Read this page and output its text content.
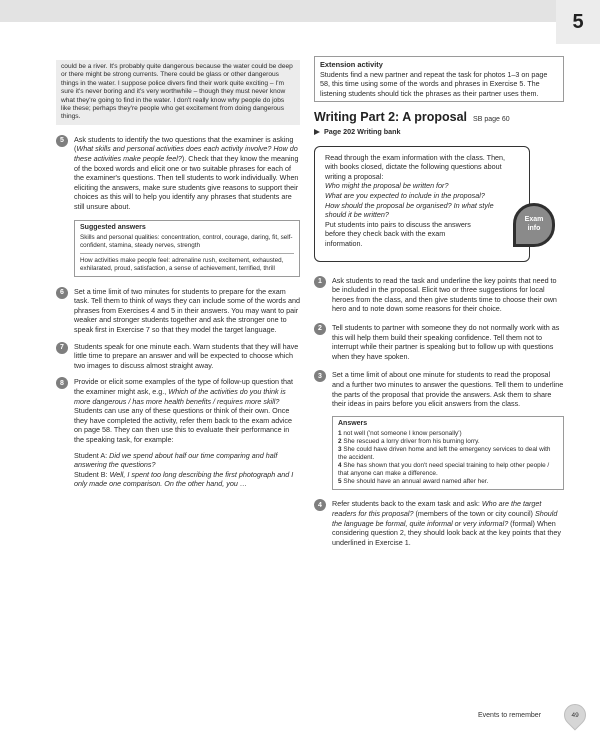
5

could be a river. It's probably quite dangerous because the water could be deep or there might be strong currents. There could be glass or other dangerous things in the water. I suppose police divers find their work quite exciting – I'm sure it's never boring and it's very worthwhile – though they must never know what they're going to find in the water. I don't really know why people do jobs like these; perhaps they're people who get excitement from doing dangerous things.

5	Ask students to identify the two questions that the examiner is asking (What skills and personal activities does each activity involve? How do these activities make people feel?). Check that they know the meaning of the boxed words and elicit one or two suitable phrases for each of the examiner's questions. Then tell students to work individually. When eliciting the answers, make sure students give reasons to support their choices as this will to help you identify any phrases that students are still unsure about.

Suggested answers

Skills and personal qualities: concentration, control, courage, daring, fit, self-confident, stamina, steady nerves, strength

How activities make people feel: adrenaline rush, excitement, exhausted, exhilarated, proud, satisfaction, a sense of achievement, terrified, thrill

6	Set a time limit of two minutes for students to prepare for the exam task. Tell them to think of ways they can include some of the words and phrases from Exercises 4 and 5 in their answers. You may want to pair weaker and stronger students together and ask the stronger one to speak first in Exercise 7 so that they model the target language.

7	Students speak for one minute each. Warn students that they will have little time to prepare an answer and will be expected to choose which two images to discuss almost straight away.

8	Provide or elicit some examples of the type of follow-up question that the examiner might ask, e.g., Which of the activities do you think is more dangerous / has more health benefits / requires more skill? Students can use any of these questions or think of their own. Once they have completed the activity, refer them back to the exam advice on page 58. They can then use this to evaluate their performance in the speaking task, for example:

Student A: Did we spend about half our time comparing and half answering the questions?

Student B: Well, I spent too long describing the first photograph and I only made one comparison. On the other hand, you …

Extension activity

Students find a new partner and repeat the task for photos 1–3 on page 58, this time using some of the words and phrases in Exercise 5. The listening students should tick the phrases as their partner uses them.

Writing Part 2: A proposal SB page 60
Page 202 Writing bank

Read through the exam information with the class. Then, with books closed, dictate the following questions about writing a proposal:

Who might the proposal be written for?

What are you expected to include in the proposal?

How should the proposal be organised? In what style should it be written?

Put students into pairs to discuss the answers before they check back with the exam information.

Exam
info
1	Ask students to read the task and underline the key points that need to be included in the proposal. Elicit two or three suggestions for local heroes from the class, and then give students time to choose their own hero and to note down some reasons for their choice.

2	Tell students to partner with someone they do not normally work with as this will help them build their speaking confidence. Tell them not to interrupt while their partner is speaking but to follow up with questions when they have spoken.

3	Set a time limit of about one minute for students to read the proposal and a further two minutes to answer the questions. Tell them to underline the parts of the proposal that provide the answers. Ask them to share their ideas in pairs before you elicit answers from the class.

Answers

1 not well ('not someone I know personally')

2 She rescued a lorry driver from his burning lorry.

3 She could have driven home and left the emergency services to deal with the accident.

4 She has shown that you don't need special training to help other people / that anyone can make a difference.

5 She should have an annual award named after her.

4	Refer students back to the exam task and ask: Who are the target readers for this proposal? (members of the town or city council) Should the language be formal, quite informal or very informal? (formal) When considering question 2, they should look back at the key points that they underlined in Exercise 1.

Events to remember	49
